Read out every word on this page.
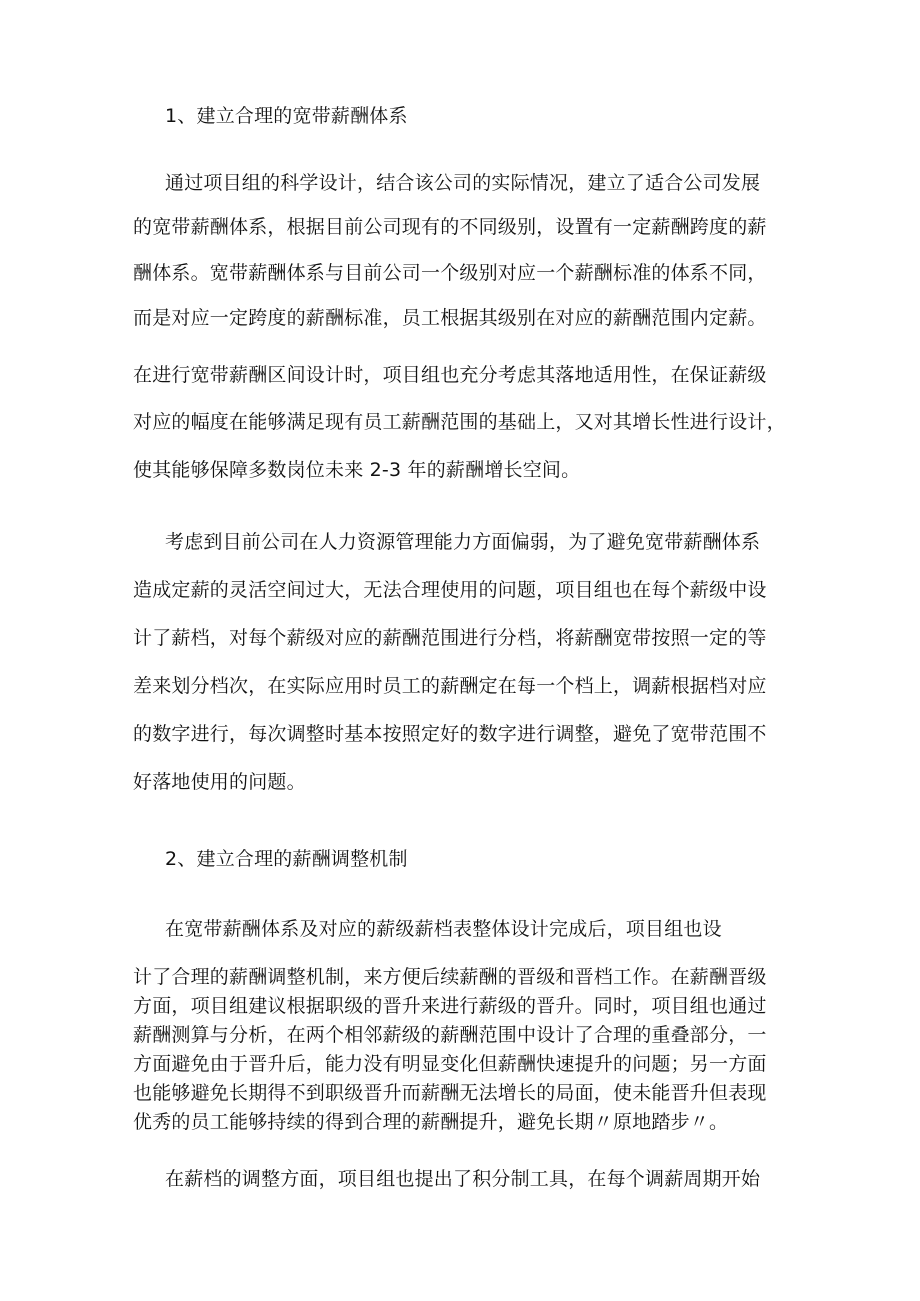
1、建立合理的宽带薪酬体系
通过项目组的科学设计，结合该公司的实际情况，建立了适合公司发展
的宽带薪酬体系，根据目前公司现有的不同级别，设置有一定薪酬跨度的薪
酬体系。宽带薪酬体系与目前公司一个级别对应一个薪酬标准的体系不同，
而是对应一定跨度的薪酬标准，员工根据其级别在对应的薪酬范围内定薪。
在进行宽带薪酬区间设计时，项目组也充分考虑其落地适用性，在保证薪级
对应的幅度在能够满足现有员工薪酬范围的基础上，又对其增长性进行设计，
使其能够保障多数岗位未来 2-3 年的薪酬增长空间。
考虑到目前公司在人力资源管理能力方面偏弱，为了避免宽带薪酬体系
造成定薪的灵活空间过大，无法合理使用的问题，项目组也在每个薪级中设
计了薪档，对每个薪级对应的薪酬范围进行分档，将薪酬宽带按照一定的等
差来划分档次，在实际应用时员工的薪酬定在每一个档上，调薪根据档对应
的数字进行，每次调整时基本按照定好的数字进行调整，避免了宽带范围不
好落地使用的问题。
2、建立合理的薪酬调整机制
在宽带薪酬体系及对应的薪级薪档表整体设计完成后，项目组也设
计了合理的薪酬调整机制，来方便后续薪酬的晋级和晋档工作。在薪酬晋级
方面，项目组建议根据职级的晋升来进行薪级的晋升。同时，项目组也通过
薪酬测算与分析，在两个相邻薪级的薪酬范围中设计了合理的重叠部分，一
方面避免由于晋升后，能力没有明显变化但薪酬快速提升的问题；另一方面
也能够避免长期得不到职级晋升而薪酬无法增长的局面，使未能晋升但表现
优秀的员工能够持续的得到合理的薪酬提升，避免长期〃原地踏步〃。
在薪档的调整方面，项目组也提出了积分制工具，在每个调薪周期开始
